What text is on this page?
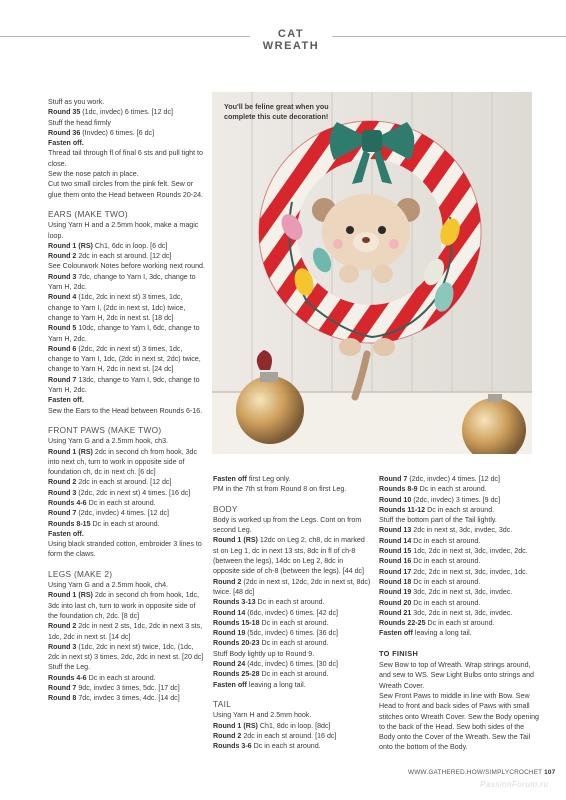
CAT WREATH

Stuff as you work.

Round 35 (1dc, invdec) 6 times. [12 dc]

Stuff the head firmly

Round 36 (Invdec) 6 times. [6 dc]

Fasten off.

Thread tail through fl of final 6 sts and pull tight to close.

Sew the nose patch in place.

Cut two small circles from the pink felt. Sew or glue them onto the Head between Rounds 20-24.

EARS (MAKE TWO)

Using Yarn H and a 2.5mm hook, make a magic loop.

Round 1 (RS) Ch1, 6dc in loop. [6 dc]

Round 2 2dc in each st around. [12 dc]

See Colourwork Notes before working next round.

Round 3 7dc, change to Yarn I, 3dc, change to Yarn H, 2dc.

Round 4 (1dc, 2dc in next st) 3 times, 1dc, change to Yarn I, (2dc in next st, 1dc) twice, change to Yarn H, 2dc in next st. [18 dc]

Round 5 10dc, change to Yarn I, 6dc, change to Yarn H, 2dc.

Round 6 (2dc, 2dc in next st) 3 times, 1dc, change to Yarn I, 1dc, (2dc in next st, 2dc) twice, change to Yarn H, 2dc in next st. [24 dc]

Round 7 13dc, change to Yarn I, 9dc, change to Yarn H, 2dc.

Fasten off.

Sew the Ears to the Head between Rounds 6-16.

FRONT PAWS (MAKE TWO)

Using Yarn G and a 2.5mm hook, ch3.

Round 1 (RS) 2dc in second ch from hook, 3dc into next ch, turn to work in opposite side of foundation ch, dc in next ch. [6 dc]

Round 2 2dc in each st around. [12 dc]

Round 3 (2dc, 2dc in next st) 4 times. [16 dc]

Rounds 4-6 Dc in each st around.

Round 7 (2dc, invdec) 4 times. [12 dc]

Rounds 8-15 Dc in each st around.

Fasten off.

Using black stranded cotton, embroider 3 lines to form the claws.

LEGS (MAKE 2)

Using Yarn G and a 2.5mm hook, ch4.

Round 1 (RS) 2dc in second ch from hook, 1dc, 3dc into last ch, turn to work in opposite side of the foundation ch, 2dc. [8 dc]

Round 2 2dc in next 2 sts, 1dc, 2dc in next 3 sts, 1dc, 2dc in next st. [14 dc]

Round 3 (1dc, 2dc in next st) twice, 1dc, (1dc, 2dc in next st) 3 times, 2dc, 2dc in next st. [20 dc]

Stuff the Leg.

Rounds 4-6 Dc in each st around.

Round 7 9dc, invdec 3 times, 5dc. [17 dc]

Round 8 7dc, invdec 3 times, 4dc. [14 dc]

You'll be feline great when you complete this cute decoration!

Fasten off first Leg only.

PM in the 7th st from Round 8 on first Leg.

BODY

Body is worked up from the Legs. Cont on from second Leg.

Round 1 (RS) 12dc on Leg 2, ch8, dc in marked st on Leg 1, dc in next 13 sts, 8dc in fl of ch-8 (between the legs), 14dc on Leg 2, 8dc in opposite side of ch-8 (between the legs). [44 dc]

Round 2 (2dc in next st, 12dc, 2dc in next st, 8dc) twice. [48 dc]

Rounds 3-13 Dc in each st around.

Round 14 (6dc, invdec) 6 times. [42 dc]

Rounds 15-18 Dc in each st around.

Round 19 (5dc, invdec) 6 times. [36 dc]

Rounds 20-23 Dc in each st around.

Stuff Body lightly up to Round 9.

Round 24 (4dc, invdec) 6 times. [30 dc]

Rounds 25-28 Dc in each st around.

Fasten off leaving a long tail.

TAIL

Using Yarn H and 2.5mm hook.

Round 1 (RS) Ch1, 8dc in loop. [8dc]

Round 2 2dc in each st around. [16 dc]

Rounds 3-6 Dc in each st around.

Round 7 (2dc, invdec) 4 times. [12 dc]

Rounds 8-9 Dc in each st around.

Round 10 (2dc, invdec) 3 times. [9 dc]

Rounds 11-12 Dc in each st around.

Stuff the bottom part of the Tail lightly.

Round 13 2dc in next st, 3dc, invdec, 3dc.

Round 14 Dc in each st around.

Round 15 1dc, 2dc in next st, 3dc, invdec, 2dc.

Round 16 Dc in each st around.

Round 17 2dc, 2dc in next st, 3dc, invdec, 1dc.

Round 18 Dc in each st around.

Round 19 3dc, 2dc in next st, 3dc, invdec.

Round 20 Dc in each st around.

Round 21 3dc, 2dc in next st, 3dc, invdec.

Rounds 22-25 Dc in each st around.

Fasten off leaving a long tail.

TO FINISH

Sew Bow to top of Wreath. Wrap strings around, and sew to WS. Sew Light Bulbs onto strings and Wreath Cover.

Sew Front Paws to middle in line with Bow. Sew Head to front and back sides of Paws with small stitches onto Wreath Cover. Sew the Body opening to the back of the Head. Sew both sides of the Body onto the Cover of the Wreath. Sew the Tail onto the bottom of the Body.

WWW.GATHERED.HOW/SIMPLYCROCHET 107
PassionForum.ru
